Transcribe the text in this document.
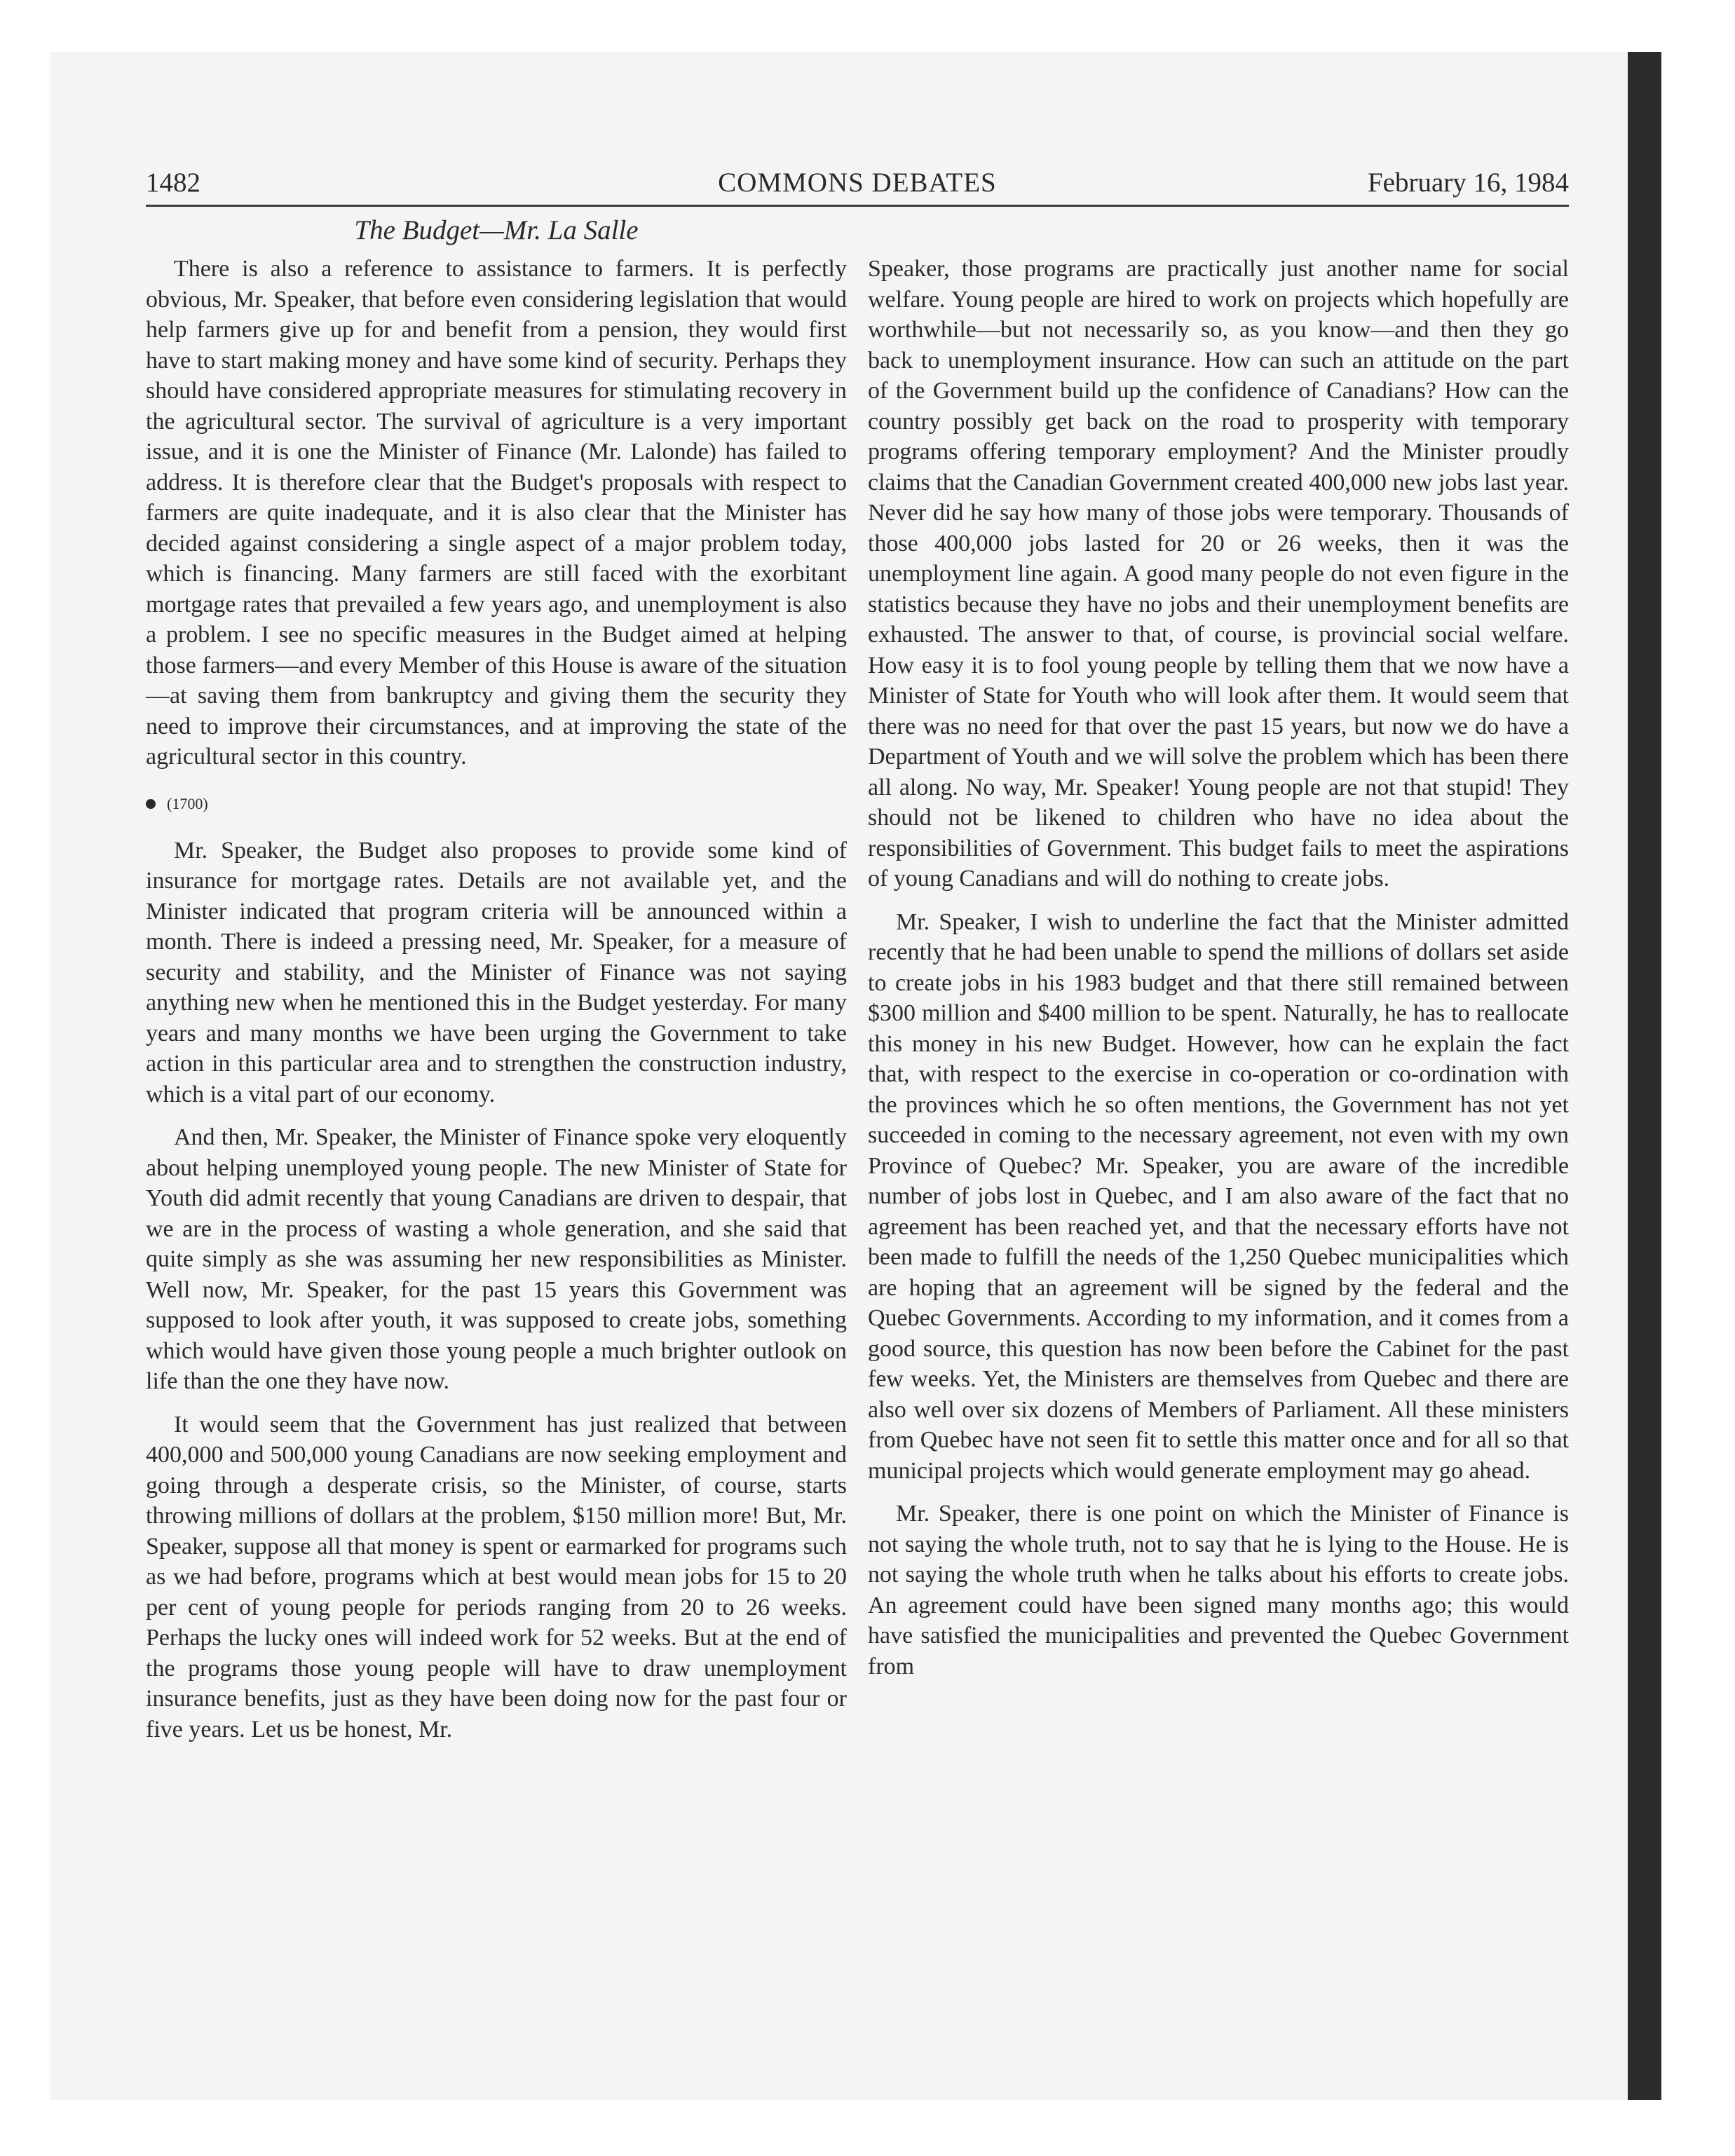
1482	COMMONS DEBATES	February 16, 1984
The Budget—Mr. La Salle

There is also a reference to assistance to farmers. It is perfectly obvious, Mr. Speaker, that before even considering legislation that would help farmers give up for and benefit from a pension, they would first have to start making money and have some kind of security. Perhaps they should have considered appropriate measures for stimulating recovery in the agricultural sector. The survival of agriculture is a very important issue, and it is one the Minister of Finance (Mr. Lalonde) has failed to address. It is therefore clear that the Budget's proposals with respect to farmers are quite inadequate, and it is also clear that the Minister has decided against considering a single aspect of a major problem today, which is financing. Many farmers are still faced with the exorbitant mortgage rates that prevailed a few years ago, and unemployment is also a problem. I see no specific measures in the Budget aimed at helping those farmers—and every Member of this House is aware of the situation—at saving them from bankruptcy and giving them the security they need to improve their circumstances, and at improving the state of the agricultural sector in this country.

(1700)

Mr. Speaker, the Budget also proposes to provide some kind of insurance for mortgage rates. Details are not available yet, and the Minister indicated that program criteria will be announced within a month. There is indeed a pressing need, Mr. Speaker, for a measure of security and stability, and the Minister of Finance was not saying anything new when he mentioned this in the Budget yesterday. For many years and many months we have been urging the Government to take action in this particular area and to strengthen the construction industry, which is a vital part of our economy.

And then, Mr. Speaker, the Minister of Finance spoke very eloquently about helping unemployed young people. The new Minister of State for Youth did admit recently that young Canadians are driven to despair, that we are in the process of wasting a whole generation, and she said that quite simply as she was assuming her new responsibilities as Minister. Well now, Mr. Speaker, for the past 15 years this Government was supposed to look after youth, it was supposed to create jobs, something which would have given those young people a much brighter outlook on life than the one they have now.

It would seem that the Government has just realized that between 400,000 and 500,000 young Canadians are now seeking employment and going through a desperate crisis, so the Minister, of course, starts throwing millions of dollars at the problem, $150 million more! But, Mr. Speaker, suppose all that money is spent or earmarked for programs such as we had before, programs which at best would mean jobs for 15 to 20 per cent of young people for periods ranging from 20 to 26 weeks. Perhaps the lucky ones will indeed work for 52 weeks. But at the end of the programs those young people will have to draw unemployment insurance benefits, just as they have been doing now for the past four or five years. Let us be honest, Mr.

Speaker, those programs are practically just another name for social welfare. Young people are hired to work on projects which hopefully are worthwhile—but not necessarily so, as you know—and then they go back to unemployment insurance. How can such an attitude on the part of the Government build up the confidence of Canadians? How can the country possibly get back on the road to prosperity with temporary programs offering temporary employment? And the Minister proudly claims that the Canadian Government created 400,000 new jobs last year. Never did he say how many of those jobs were temporary. Thousands of those 400,000 jobs lasted for 20 or 26 weeks, then it was the unemployment line again. A good many people do not even figure in the statistics because they have no jobs and their unemployment benefits are exhausted. The answer to that, of course, is provincial social welfare. How easy it is to fool young people by telling them that we now have a Minister of State for Youth who will look after them. It would seem that there was no need for that over the past 15 years, but now we do have a Department of Youth and we will solve the problem which has been there all along. No way, Mr. Speaker! Young people are not that stupid! They should not be likened to children who have no idea about the responsibilities of Government. This budget fails to meet the aspirations of young Canadians and will do nothing to create jobs.

Mr. Speaker, I wish to underline the fact that the Minister admitted recently that he had been unable to spend the millions of dollars set aside to create jobs in his 1983 budget and that there still remained between $300 million and $400 million to be spent. Naturally, he has to reallocate this money in his new Budget. However, how can he explain the fact that, with respect to the exercise in co-operation or co-ordination with the provinces which he so often mentions, the Government has not yet succeeded in coming to the necessary agreement, not even with my own Province of Quebec? Mr. Speaker, you are aware of the incredible number of jobs lost in Quebec, and I am also aware of the fact that no agreement has been reached yet, and that the necessary efforts have not been made to fulfill the needs of the 1,250 Quebec municipalities which are hoping that an agreement will be signed by the federal and the Quebec Governments. According to my information, and it comes from a good source, this question has now been before the Cabinet for the past few weeks. Yet, the Ministers are themselves from Quebec and there are also well over six dozens of Members of Parliament. All these ministers from Quebec have not seen fit to settle this matter once and for all so that municipal projects which would generate employment may go ahead.

Mr. Speaker, there is one point on which the Minister of Finance is not saying the whole truth, not to say that he is lying to the House. He is not saying the whole truth when he talks about his efforts to create jobs. An agreement could have been signed many months ago; this would have satisfied the municipalities and prevented the Quebec Government from
